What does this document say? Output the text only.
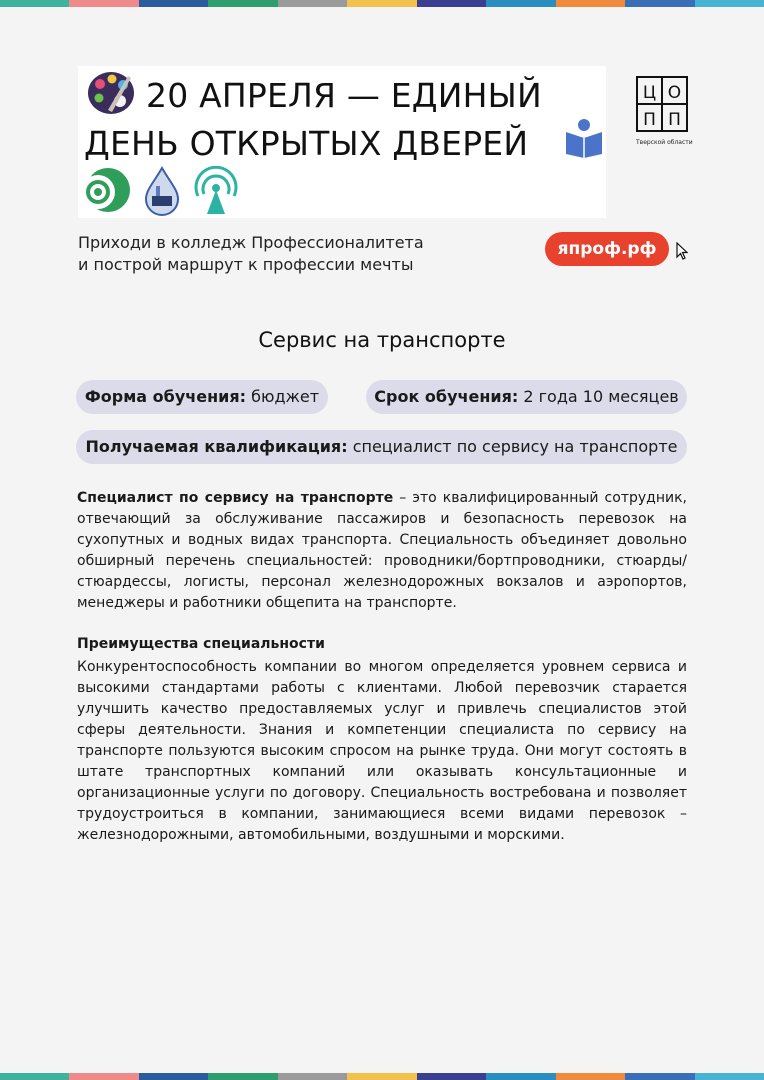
20 АПРЕЛЯ — ЕДИНЫЙ
ДЕНЬ ОТКРЫТЫХ ДВЕРЕЙ
Ц О
П П
Тверской области
Приходи в колледж Профессионалитета
и построй маршрут к профессии мечты
япроф.рф
Сервис на транспорте
Форма обучения: бюджет	Срок обучения: 2 года 10 месяцев
Получаемая квалификация: специалист по сервису на транспорте
Специалист по сервису на транспорте – это квалифицированный сотрудник, отвечающий за обслуживание пассажиров и безопасность перевозок на сухопутных и водных видах транспорта. Специальность объединяет довольно обширный перечень специальностей: проводники/бортпроводники, стюарды/стюардессы, логисты, персонал железнодорожных вокзалов и аэропортов, менеджеры и работники общепита на транспорте.
Преимущества специальности
Конкурентоспособность компании во многом определяется уровнем сервиса и высокими стандартами работы с клиентами. Любой перевозчик старается улучшить качество предоставляемых услуг и привлечь специалистов этой сферы деятельности. Знания и компетенции специалиста по сервису на транспорте пользуются высоким спросом на рынке труда. Они могут состоять в штате транспортных компаний или оказывать консультационные и организационные услуги по договору. Специальность востребована и позволяет трудоустроиться в компании, занимающиеся всеми видами перевозок – железнодорожными, автомобильными, воздушными и морскими.
